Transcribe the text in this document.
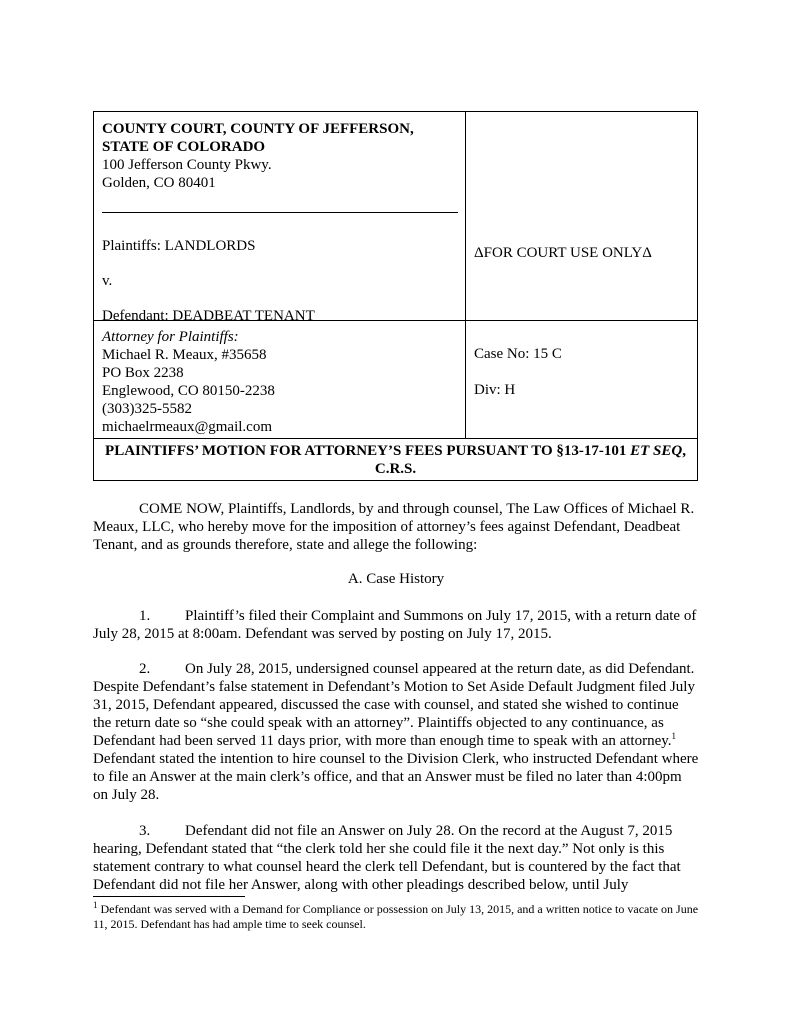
COUNTY COURT, COUNTY OF JEFFERSON,
STATE OF COLORADO
100 Jefferson County Pkwy.
Golden, CO 80401
Plaintiffs: LANDLORDS
v.
Defendant: DEADBEAT TENANT
ΔFOR COURT USE ONLYΔ
Attorney for Plaintiffs:
Michael R. Meaux, #35658
PO Box 2238
Englewood, CO 80150-2238
(303)325-5582
michaelrmeaux@gmail.com
Case No: 15 C
Div: H
PLAINTIFFS’ MOTION FOR ATTORNEY’S FEES PURSUANT TO §13-17-101 ET SEQ, C.R.S.

COME NOW, Plaintiffs, Landlords, by and through counsel, The Law Offices of Michael R. Meaux, LLC, who hereby move for the imposition of attorney’s fees against Defendant, Deadbeat Tenant, and as grounds therefore, state and allege the following:

A. Case History

1. Plaintiff’s filed their Complaint and Summons on July 17, 2015, with a return date of July 28, 2015 at 8:00am. Defendant was served by posting on July 17, 2015.

2. On July 28, 2015, undersigned counsel appeared at the return date, as did Defendant. Despite Defendant’s false statement in Defendant’s Motion to Set Aside Default Judgment filed July 31, 2015, Defendant appeared, discussed the case with counsel, and stated she wished to continue the return date so “she could speak with an attorney”. Plaintiffs objected to any continuance, as Defendant had been served 11 days prior, with more than enough time to speak with an attorney.$^1$ Defendant stated the intention to hire counsel to the Division Clerk, who instructed Defendant where to file an Answer at the main clerk’s office, and that an Answer must be filed no later than 4:00pm on July 28.

3. Defendant did not file an Answer on July 28. On the record at the August 7, 2015 hearing, Defendant stated that “the clerk told her she could file it the next day.” Not only is this statement contrary to what counsel heard the clerk tell Defendant, but is countered by the fact that Defendant did not file her Answer, along with other pleadings described below, until July

$^1$ Defendant was served with a Demand for Compliance or possession on July 13, 2015, and a written notice to vacate on June 11, 2015. Defendant has had ample time to seek counsel.
